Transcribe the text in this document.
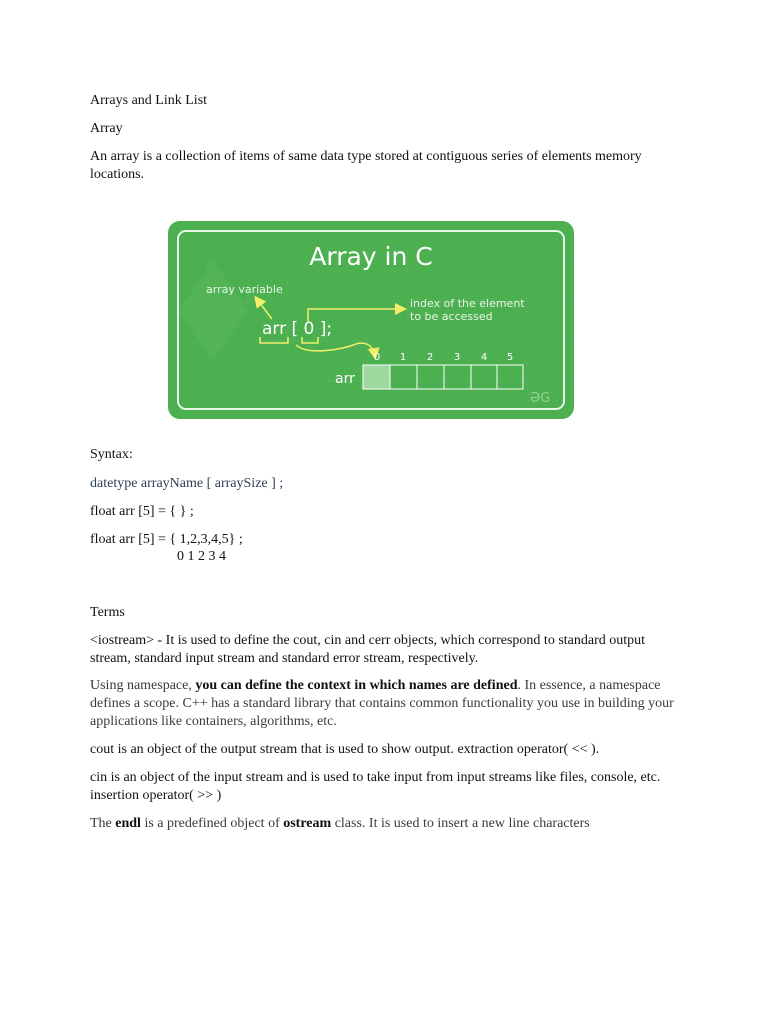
Arrays and Link List
Array
An array is a collection of items of same data type stored at contiguous series of elements memory locations.
Array in C
array variable
index of the element
to be accessed
arr [ 0 ];
arr
0 1 2 3 4 5
ƏG
Syntax:
datetype arrayName [ arraySize ] ;
float arr [5] = { } ;
float arr [5] = { 1,2,3,4,5} ;
0 1 2 3 4
Terms
<iostream> - It is used to define the cout, cin and cerr objects, which correspond to standard output stream, standard input stream and standard error stream, respectively.
Using namespace, you can define the context in which names are defined. In essence, a namespace defines a scope. C++ has a standard library that contains common functionality you use in building your applications like containers, algorithms, etc.
cout is an object of the output stream that is used to show output. extraction operator( << ).
cin is an object of the input stream and is used to take input from input streams like files, console, etc. insertion operator( >> )
The endl is a predefined object of ostream class. It is used to insert a new line characters
